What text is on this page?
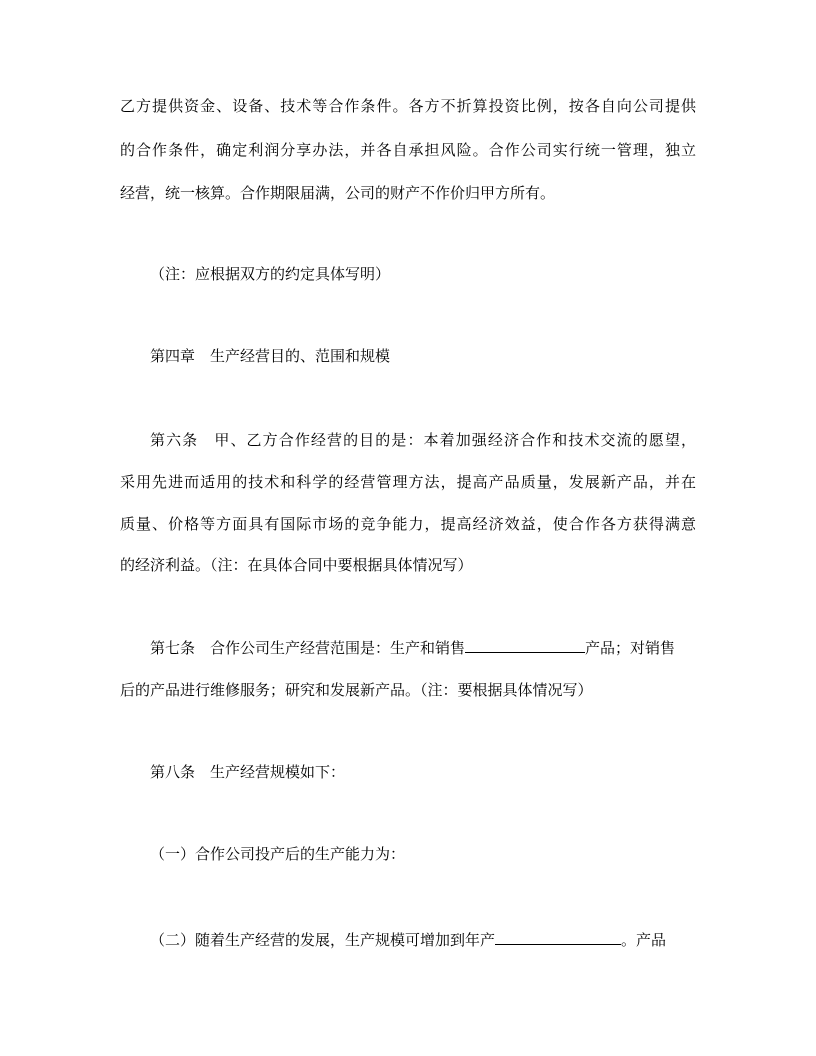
乙方提供资金、设备、技术等合作条件。各方不折算投资比例，按各自向公司提供
的合作条件，确定利润分享办法，并各自承担风险。合作公司实行统一管理，独立
经营，统一核算。合作期限届满，公司的财产不作价归甲方所有。
（注：应根据双方的约定具体写明）
第四章　生产经营目的、范围和规模
第六条　甲、乙方合作经营的目的是：本着加强经济合作和技术交流的愿望，
采用先进而适用的技术和科学的经营管理方法，提高产品质量，发展新产品，并在
质量、价格等方面具有国际市场的竞争能力，提高经济效益，使合作各方获得满意
的经济利益。（注：在具体合同中要根据具体情况写）
第七条　合作公司生产经营范围是：生产和销售	产品；对销售
后的产品进行维修服务；研究和发展新产品。（注：要根据具体情况写）
第八条　生产经营规模如下：
（一）合作公司投产后的生产能力为：
（二）随着生产经营的发展，生产规模可增加到年产	。产品
